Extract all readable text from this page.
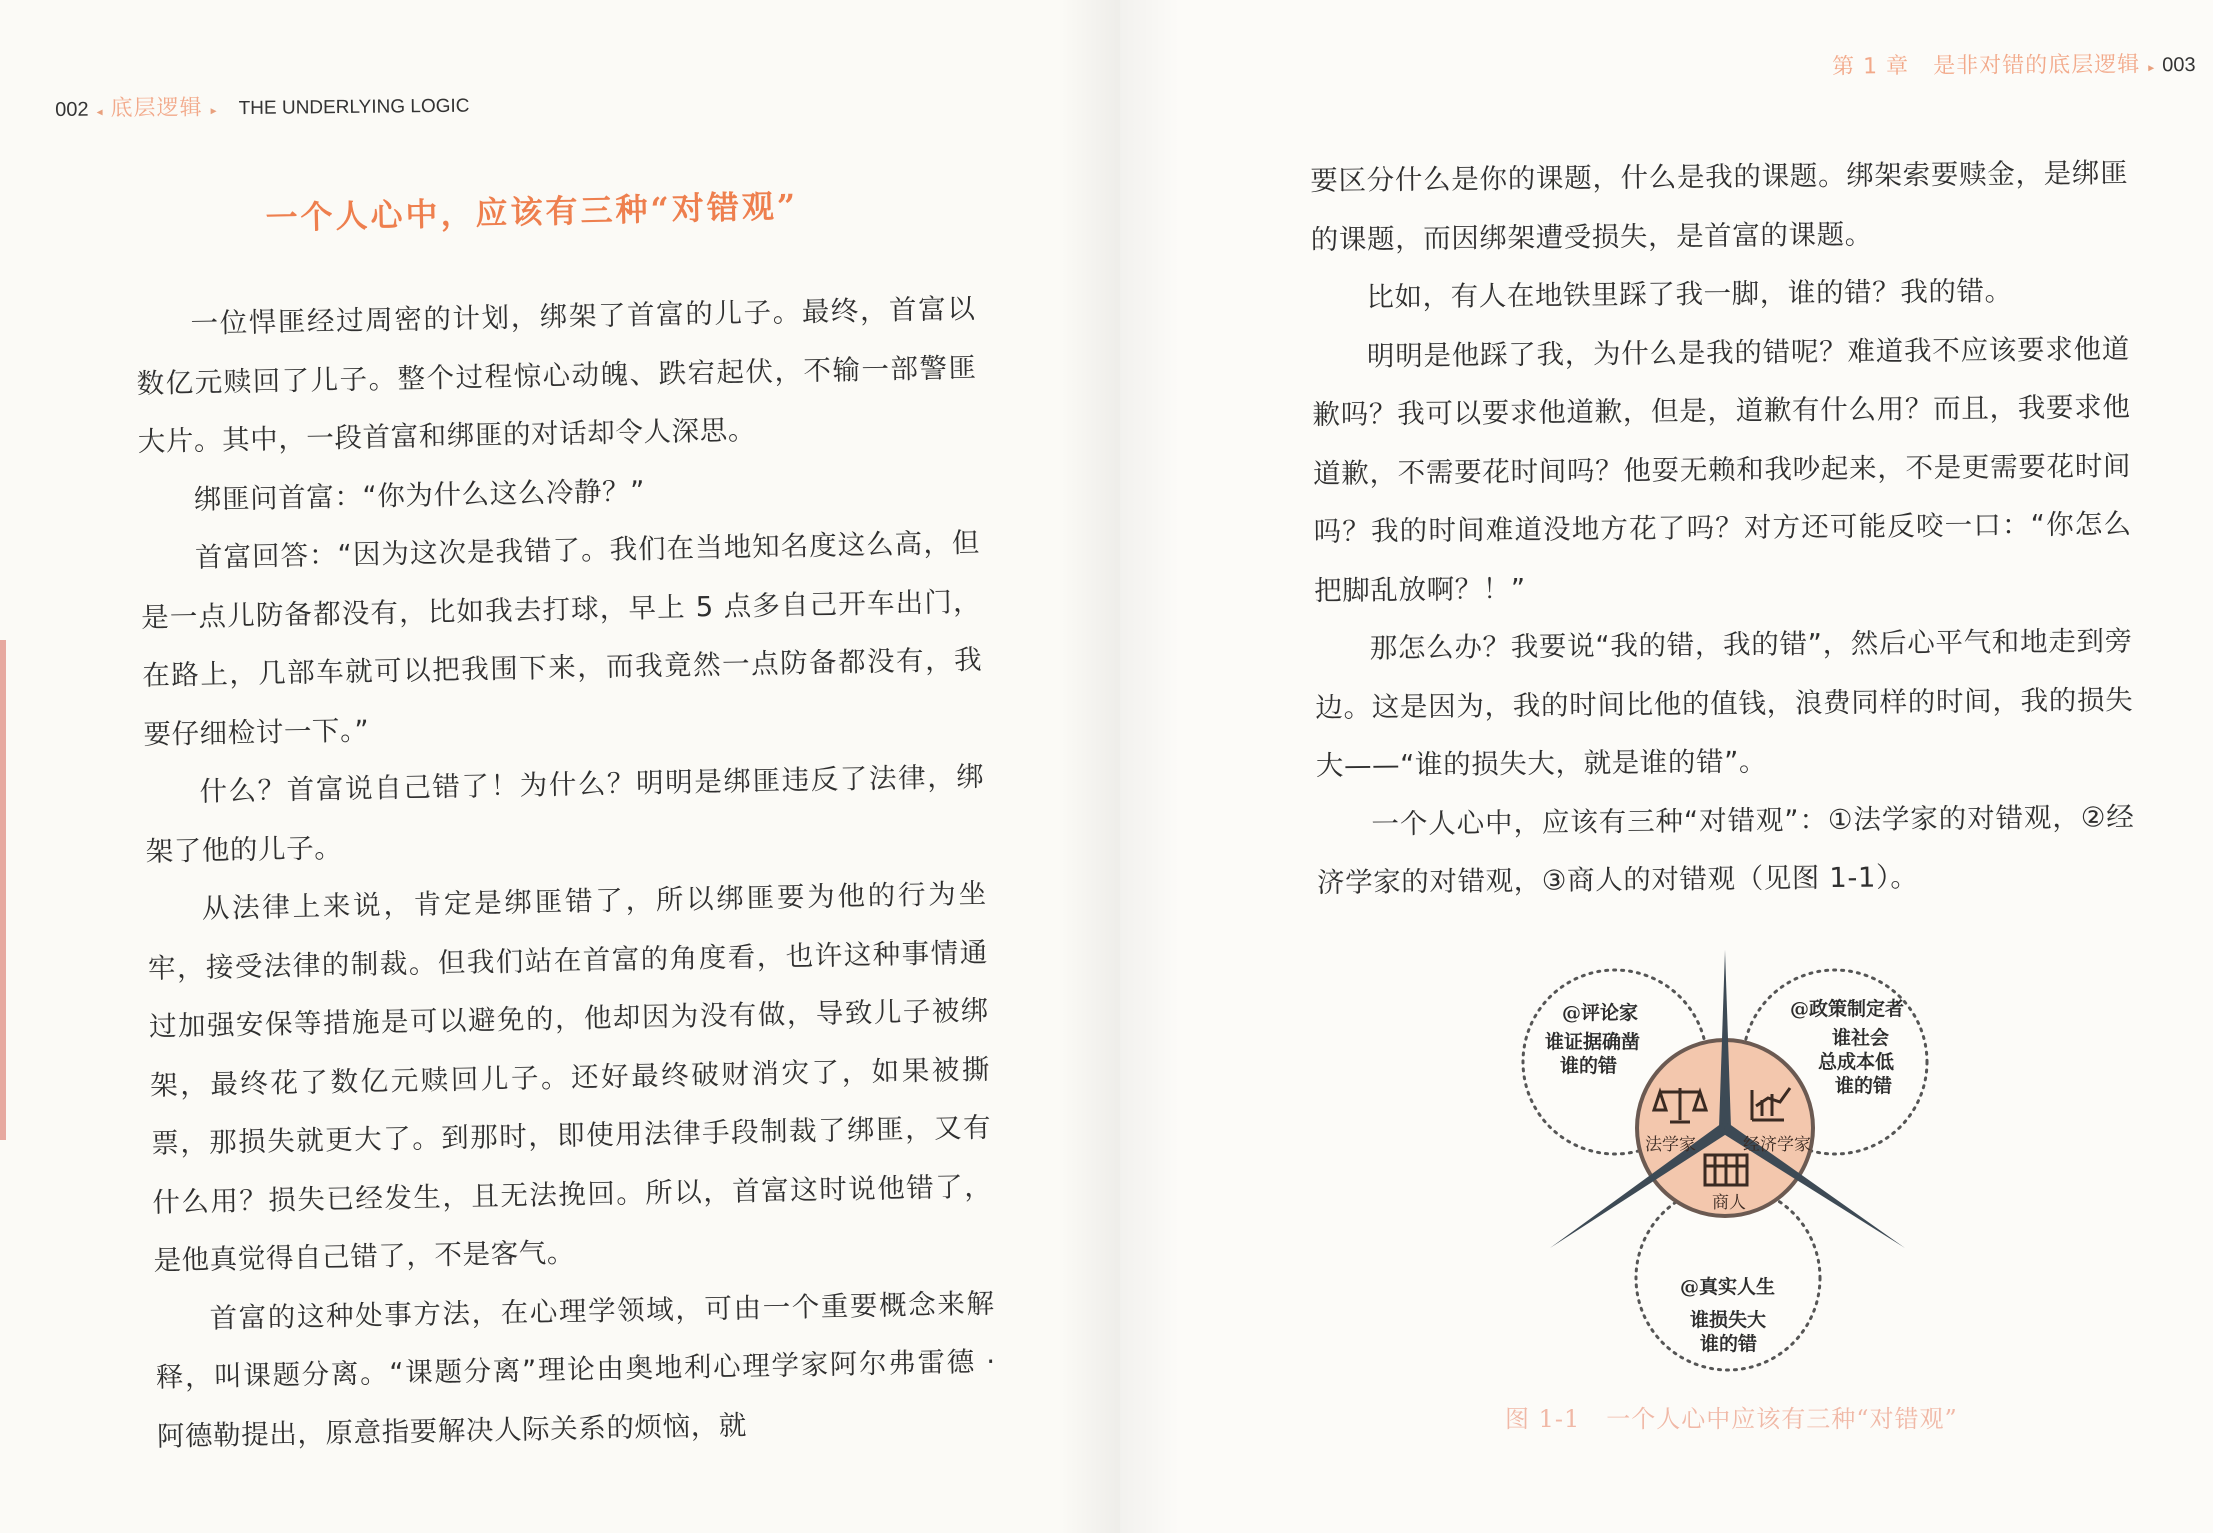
002 ◂ 底层逻辑 ▸ THE UNDERLYING LOGIC
一个人心中，应该有三种“对错观”

一位悍匪经过周密的计划，绑架了首富的儿子。最终，首富以数亿元赎回了儿子。整个过程惊心动魄、跌宕起伏，不输一部警匪大片。其中，一段首富和绑匪的对话却令人深思。

绑匪问首富：“你为什么这么冷静？”

首富回答：“因为这次是我错了。我们在当地知名度这么高，但是一点儿防备都没有，比如我去打球，早上 5 点多自己开车出门，在路上，几部车就可以把我围下来，而我竟然一点防备都没有，我要仔细检讨一下。”

什么？首富说自己错了！为什么？明明是绑匪违反了法律，绑架了他的儿子。

从法律上来说，肯定是绑匪错了，所以绑匪要为他的行为坐牢，接受法律的制裁。但我们站在首富的角度看，也许这种事情通过加强安保等措施是可以避免的，他却因为没有做，导致儿子被绑架，最终花了数亿元赎回儿子。还好最终破财消灾了，如果被撕票，那损失就更大了。到那时，即使用法律手段制裁了绑匪，又有什么用？损失已经发生，且无法挽回。所以，首富这时说他错了，是他真觉得自己错了，不是客气。

首富的这种处事方法，在心理学领域，可由一个重要概念来解释，叫课题分离。“课题分离”理论由奥地利心理学家阿尔弗雷德 · 阿德勒提出，原意指要解决人际关系的烦恼，就

第 1 章 是非对错的底层逻辑 ▸ 003

要区分什么是你的课题，什么是我的课题。绑架索要赎金，是绑匪的课题，而因绑架遭受损失，是首富的课题。

比如，有人在地铁里踩了我一脚，谁的错？我的错。

明明是他踩了我，为什么是我的错呢？难道我不应该要求他道歉吗？我可以要求他道歉，但是，道歉有什么用？而且，我要求他道歉，不需要花时间吗？他耍无赖和我吵起来，不是更需要花时间吗？我的时间难道没地方花了吗？对方还可能反咬一口：“你怎么把脚乱放啊？！”

那怎么办？我要说“我的错，我的错”，然后心平气和地走到旁边。这是因为，我的时间比他的值钱，浪费同样的时间，我的损失大——“谁的损失大，就是谁的错”。

一个人心中，应该有三种“对错观”：①法学家的对错观，②经济学家的对错观，③商人的对错观（见图 1-1）。

法学家	经济学家
商人
@评论家
谁证据确凿
谁的错
@政策制定者
谁社会
总成本低
谁的错
@真实人生
谁损失大
谁的错
图 1-1 一个人心中应该有三种“对错观”
